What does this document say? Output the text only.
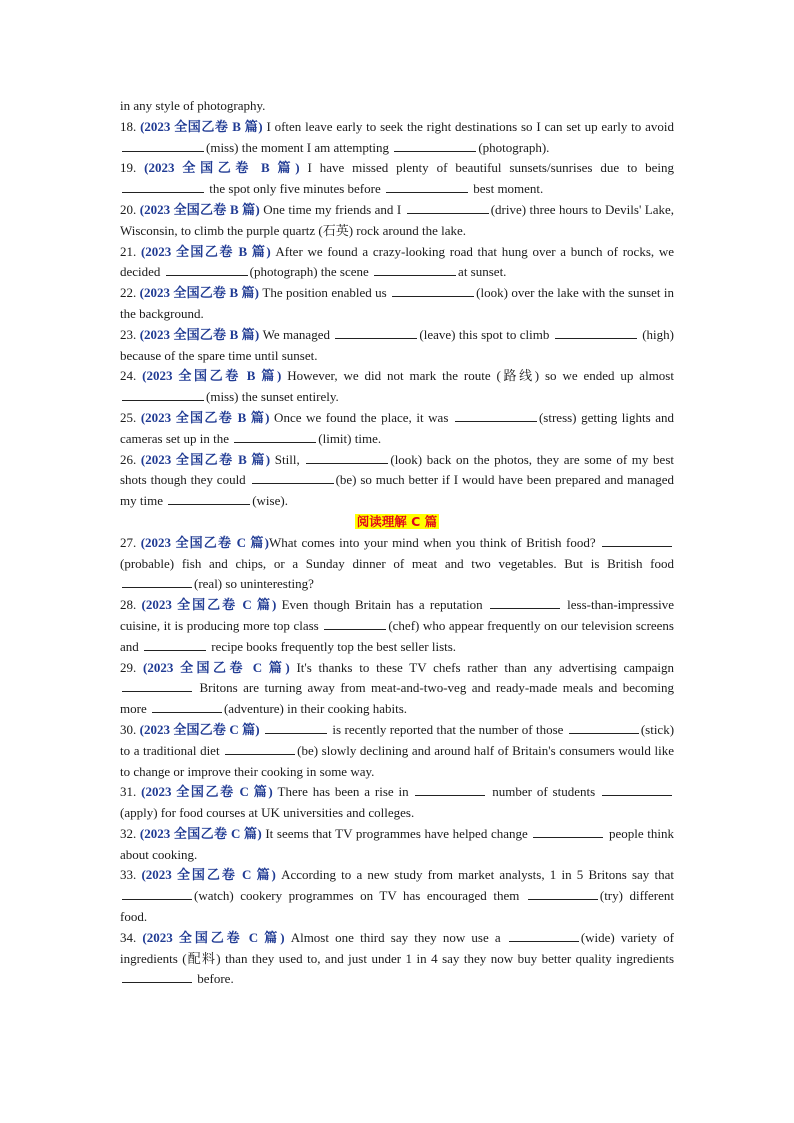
in any style of photography.

18. (2023 全国乙卷 B 篇) I often leave early to seek the right destinations so I can set up early to avoid (miss) the moment I am attempting	(photograph).

19. (2023 全国乙卷 B 篇) I have missed plenty of beautiful sunsets/sunrises due to being  the spot only five minutes before	best moment.

20. (2023 全国乙卷 B 篇) One time my friends and I	(drive) three hours to Devils' Lake, Wisconsin, to climb the purple quartz (石英) rock around the lake.

21. (2023 全国乙卷 B 篇) After we found a crazy-looking road that hung over a bunch of rocks, we decided	(photograph) the scene	at sunset.

22. (2023 全国乙卷 B 篇) The position enabled us	(look) over the lake with the sunset in the background.

23. (2023 全国乙卷 B 篇) We managed	(leave) this spot to climb	(high) because of the spare time until sunset.

24. (2023 全国乙卷 B 篇) However, we did not mark the route (路线) so we ended up almost (miss) the sunset entirely.

25. (2023 全国乙卷 B 篇) Once we found the place, it was	(stress) getting lights and cameras set up in the	(limit) time.

26. (2023 全国乙卷 B 篇) Still,	(look) back on the photos, they are some of my best shots though they could	(be) so much better if I would have been prepared and managed my time	(wise).

阅读理解 C 篇

27. (2023 全国乙卷 C 篇)What comes into your mind when you think of British food?  (probable) fish and chips, or a Sunday dinner of meat and two vegetables. But is British food (real) so uninteresting?

28. (2023 全国乙卷 C 篇) Even though Britain has a reputation	less-than-impressive cuisine, it is producing more top class	(chef) who appear frequently on our television screens and	recipe books frequently top the best seller lists.

29. (2023 全国乙卷 C 篇) It's thanks to these TV chefs rather than any advertising campaign  Britons are turning away from meat-and-two-veg and ready-made meals and becoming more	(adventure) in their cooking habits.

30. (2023 全国乙卷 C 篇)	is recently reported that the number of those	(stick) to a traditional diet	(be) slowly declining and around half of Britain's consumers would like to change or improve their cooking in some way.

31. (2023 全国乙卷 C 篇) There has been a rise in	number of students (apply) for food courses at UK universities and colleges.

32. (2023 全国乙卷 C 篇) It seems that TV programmes have helped change	people think about cooking.

33. (2023 全国乙卷 C 篇) According to a new study from market analysts, 1 in 5 Britons say that (watch) cookery programmes on TV has encouraged them	(try) different food.

34. (2023 全国乙卷 C 篇) Almost one third say they now use a	(wide) variety of ingredients (配料) than they used to, and just under 1 in 4 say they now buy better quality ingredients  before.
